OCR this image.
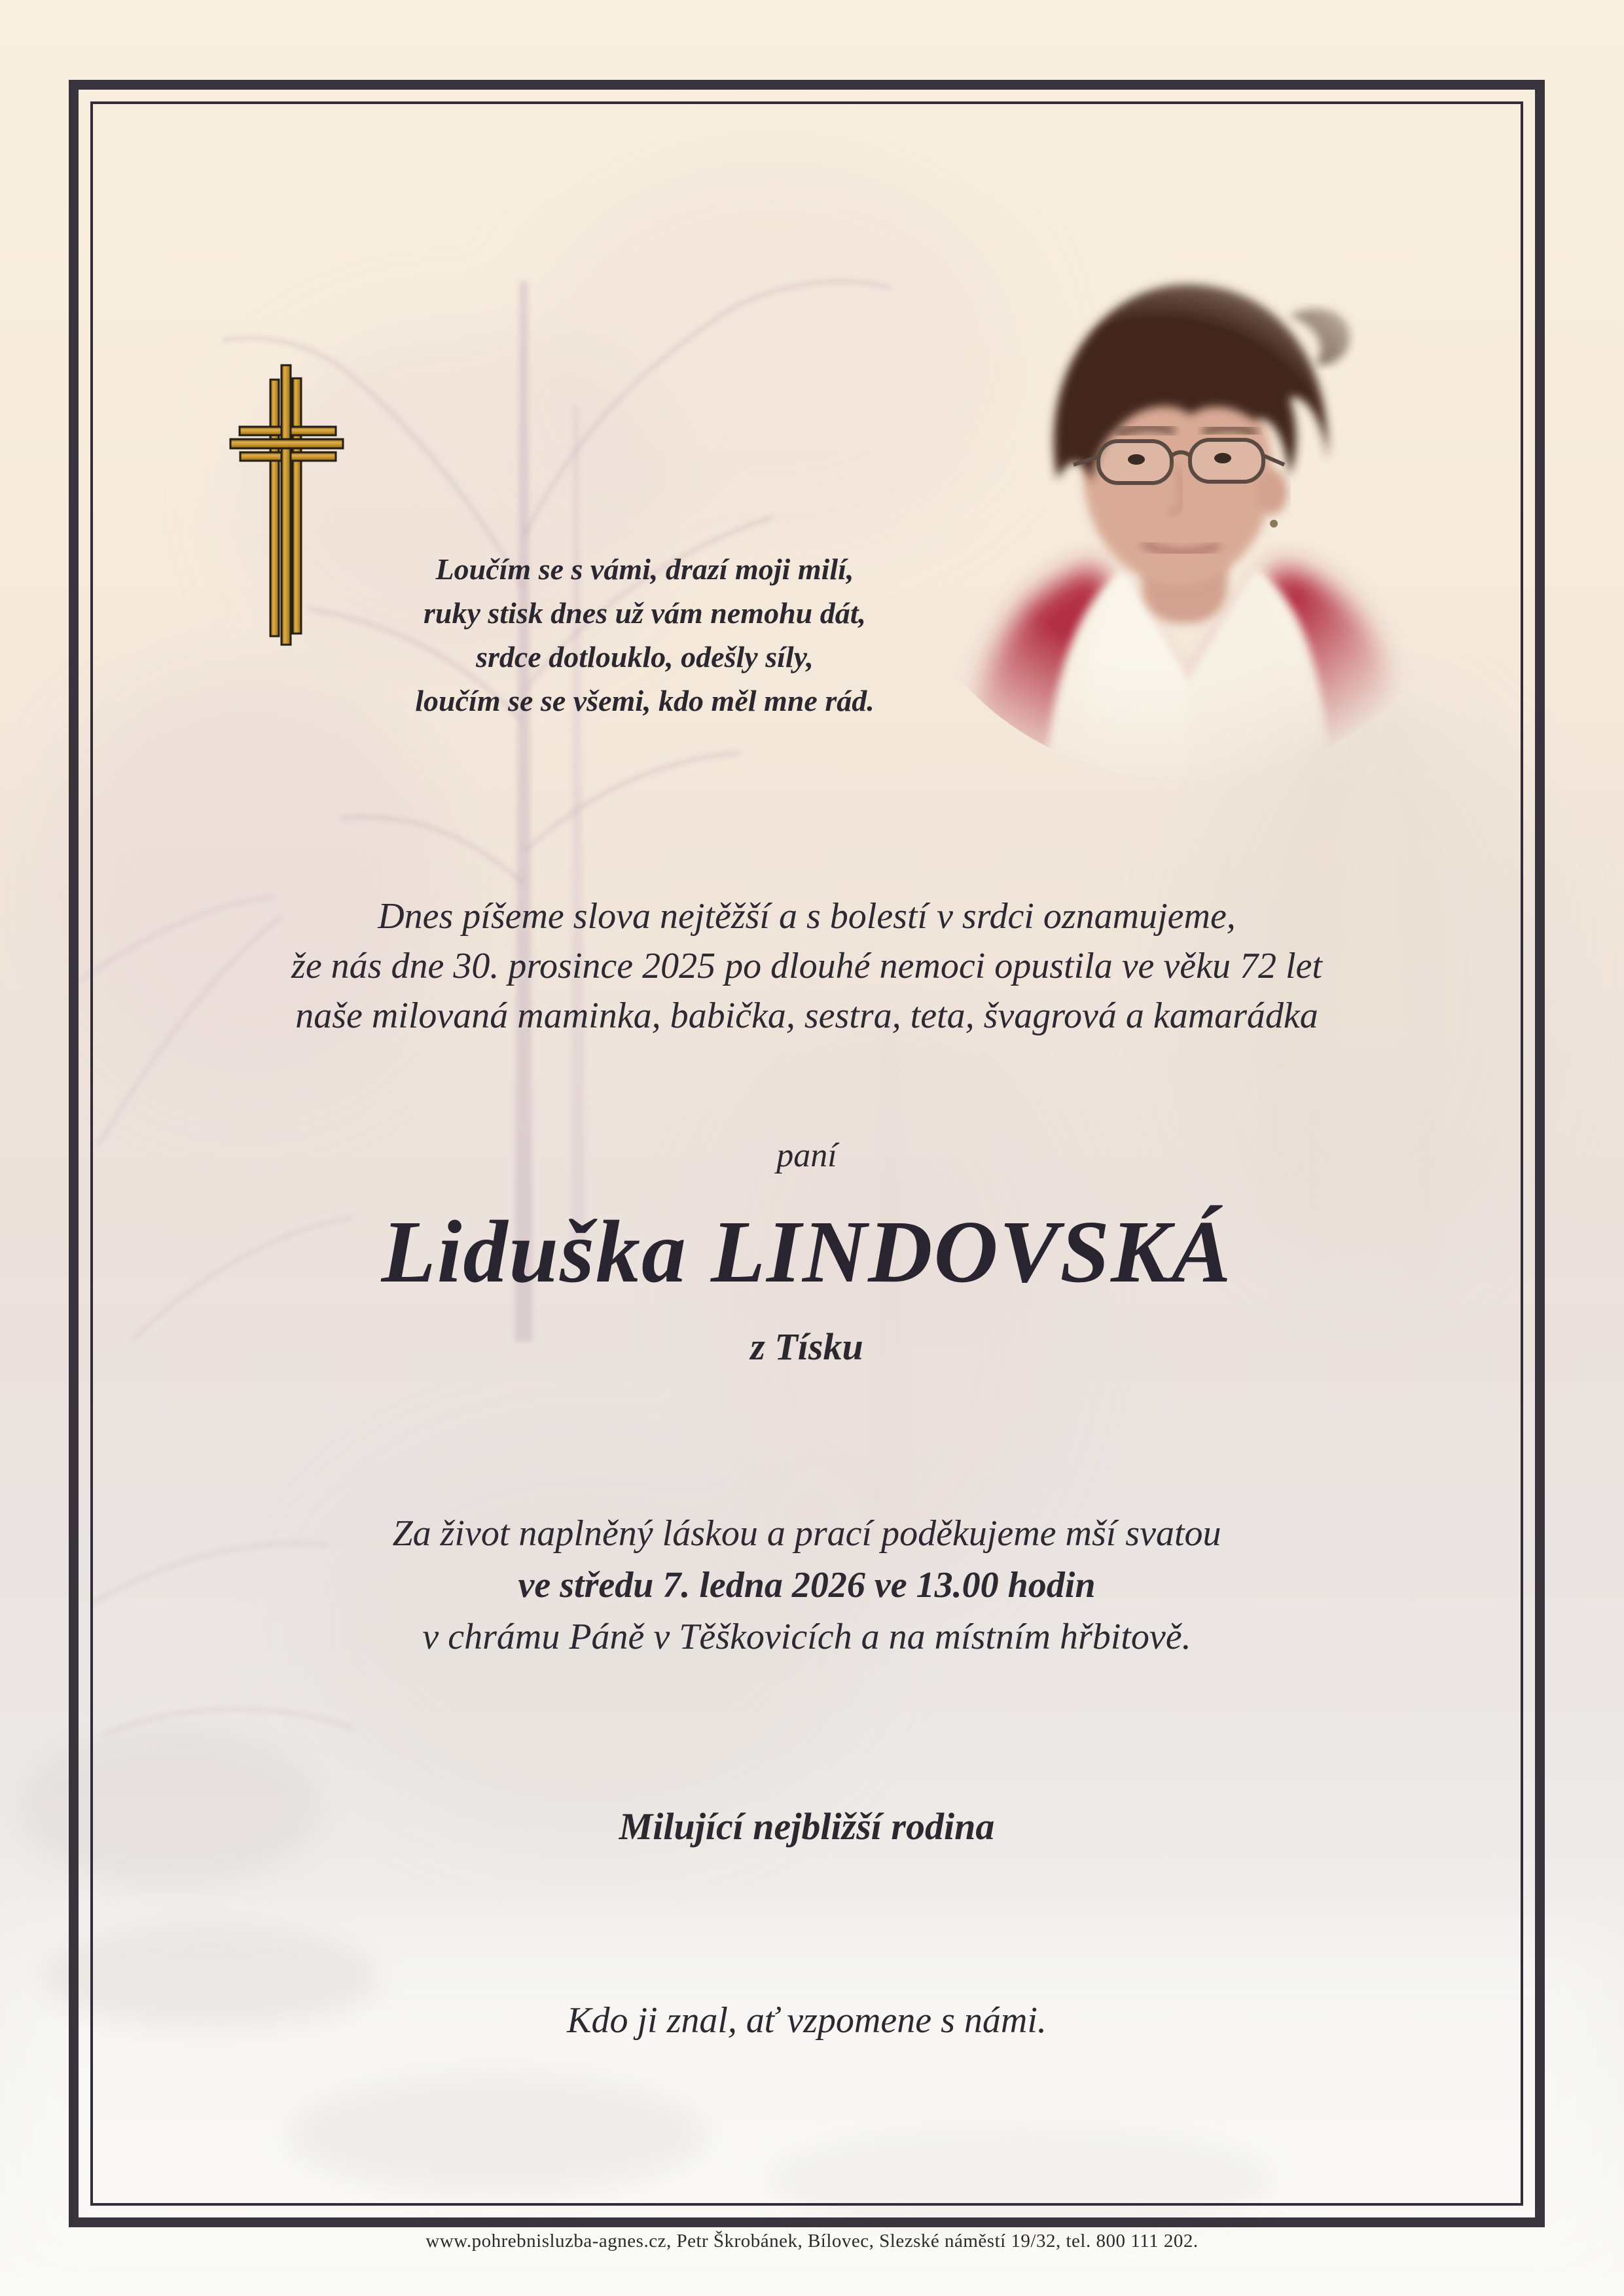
Loučím se s vámi, drazí moji milí,
ruky stisk dnes už vám nemohu dát,
srdce dotlouklo, odešly síly,
loučím se se všemi, kdo měl mne rád.
Dnes píšeme slova nejtěžší a s bolestí v srdci oznamujeme,
že nás dne 30. prosince 2025 po dlouhé nemoci opustila ve věku 72 let
naše milovaná maminka, babička, sestra, teta, švagrová a kamarádka
paní
Liduška LINDOVSKÁ
z Tísku
Za život naplněný láskou a prací poděkujeme mší svatou
ve středu 7. ledna 2026 ve 13.00 hodin
v chrámu Páně v Těškovicích a na místním hřbitově.
Milující nejbližší rodina
Kdo ji znal, ať vzpomene s námi.
www.pohrebnisluzba-agnes.cz, Petr Škrobánek, Bílovec, Slezské náměstí 19/32, tel. 800 111 202.
